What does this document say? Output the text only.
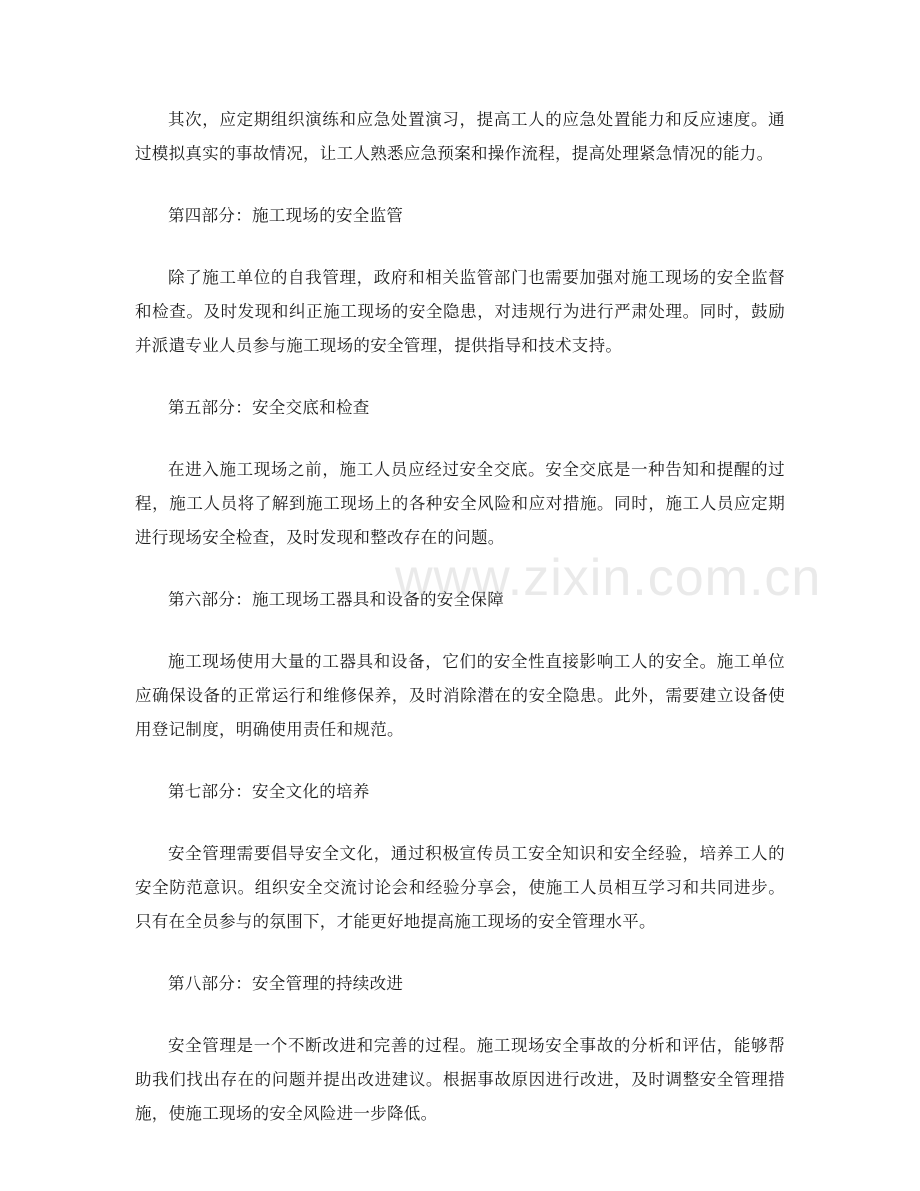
其次，应定期组织演练和应急处置演习，提高工人的应急处置能力和反应速度。通过模拟真实的事故情况，让工人熟悉应急预案和操作流程，提高处理紧急情况的能力。

第四部分：施工现场的安全监管

除了施工单位的自我管理，政府和相关监管部门也需要加强对施工现场的安全监督和检查。及时发现和纠正施工现场的安全隐患，对违规行为进行严肃处理。同时，鼓励并派遣专业人员参与施工现场的安全管理，提供指导和技术支持。

第五部分：安全交底和检查

在进入施工现场之前，施工人员应经过安全交底。安全交底是一种告知和提醒的过程，施工人员将了解到施工现场上的各种安全风险和应对措施。同时，施工人员应定期进行现场安全检查，及时发现和整改存在的问题。

第六部分：施工现场工器具和设备的安全保障

施工现场使用大量的工器具和设备，它们的安全性直接影响工人的安全。施工单位应确保设备的正常运行和维修保养，及时消除潜在的安全隐患。此外，需要建立设备使用登记制度，明确使用责任和规范。

第七部分：安全文化的培养

安全管理需要倡导安全文化，通过积极宣传员工安全知识和安全经验，培养工人的安全防范意识。组织安全交流讨论会和经验分享会，使施工人员相互学习和共同进步。只有在全员参与的氛围下，才能更好地提高施工现场的安全管理水平。

第八部分：安全管理的持续改进

安全管理是一个不断改进和完善的过程。施工现场安全事故的分析和评估，能够帮助我们找出存在的问题并提出改进建议。根据事故原因进行改进，及时调整安全管理措施，使施工现场的安全风险进一步降低。

www.zixin.com.cn
